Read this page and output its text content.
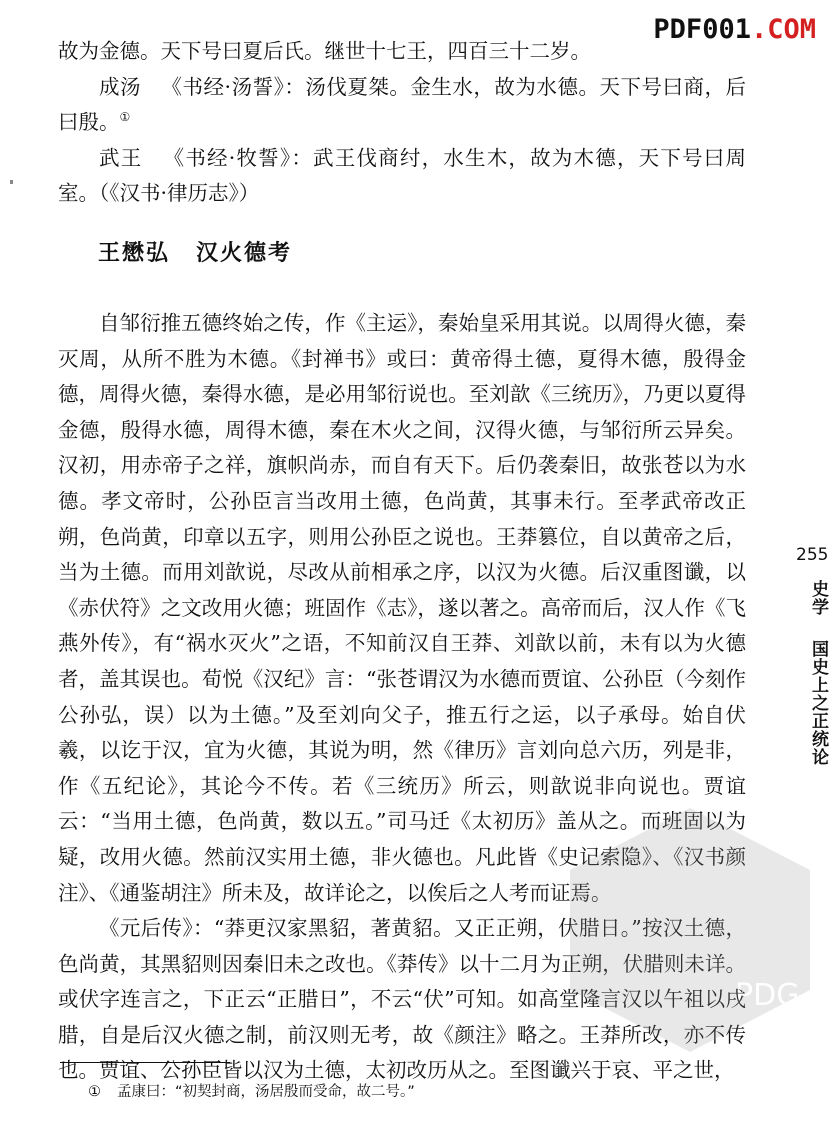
PDF001.COM

故为金德。天下号曰夏后氏。继世十七王，四百三十二岁。

成汤 《书经·汤誓》：汤伐夏桀。金生水，故为水德。天下号曰商，后曰殷。①

武王 《书经·牧誓》：武王伐商纣，水生木，故为木德，天下号曰周室。（《汉书·律历志》）

王懋弘 汉火德考

自邹衍推五德终始之传，作《主运》，秦始皇采用其说。以周得火德，秦灭周，从所不胜为木德。《封禅书》或曰：黄帝得土德，夏得木德，殷得金德，周得火德，秦得水德，是必用邹衍说也。至刘歆《三统历》，乃更以夏得金德，殷得水德，周得木德，秦在木火之间，汉得火德，与邹衍所云异矣。汉初，用赤帝子之祥，旗帜尚赤，而自有天下。后仍袭秦旧，故张苍以为水德。孝文帝时，公孙臣言当改用土德，色尚黄，其事未行。至孝武帝改正朔，色尚黄，印章以五字，则用公孙臣之说也。王莽篡位，自以黄帝之后，当为土德。而用刘歆说，尽改从前相承之序，以汉为火德。后汉重图谶，以《赤伏符》之文改用火德；班固作《志》，遂以著之。高帝而后，汉人作《飞燕外传》，有“祸水灭火”之语，不知前汉自王莽、刘歆以前，未有以为火德者，盖其误也。荀悦《汉纪》言：“张苍谓汉为水德而贾谊、公孙臣（今刻作公孙弘，误）以为土德。”及至刘向父子，推五行之运，以子承母。始自伏羲，以讫于汉，宜为火德，其说为明，然《律历》言刘向总六历，列是非，作《五纪论》，其论今不传。若《三统历》所云，则歆说非向说也。贾谊云：“当用土德，色尚黄，数以五。”司马迁《太初历》盖从之。而班固以为疑，改用火德。然前汉实用土德，非火德也。凡此皆《史记索隐》、《汉书颜注》、《通鉴胡注》所未及，故详论之，以俟后之人考而证焉。

《元后传》：“莽更汉家黑貂，著黄貂。又正正朔，伏腊日。”按汉土德，色尚黄，其黑貂则因秦旧未之改也。《莽传》以十二月为正朔，伏腊则未详。或伏字连言之，下正云“正腊日”，不云“伏”可知。如高堂隆言汉以午祖以戌腊，自是后汉火德之制，前汉则无考，故《颜注》略之。王莽所改，亦不传也。贾谊、公孙臣皆以汉为土德，太初改历从之。至图谶兴于哀、平之世，

① 孟康曰：“初契封商，汤居殷而受命，故二号。”
255
史学
国史上之正统论
PDG
